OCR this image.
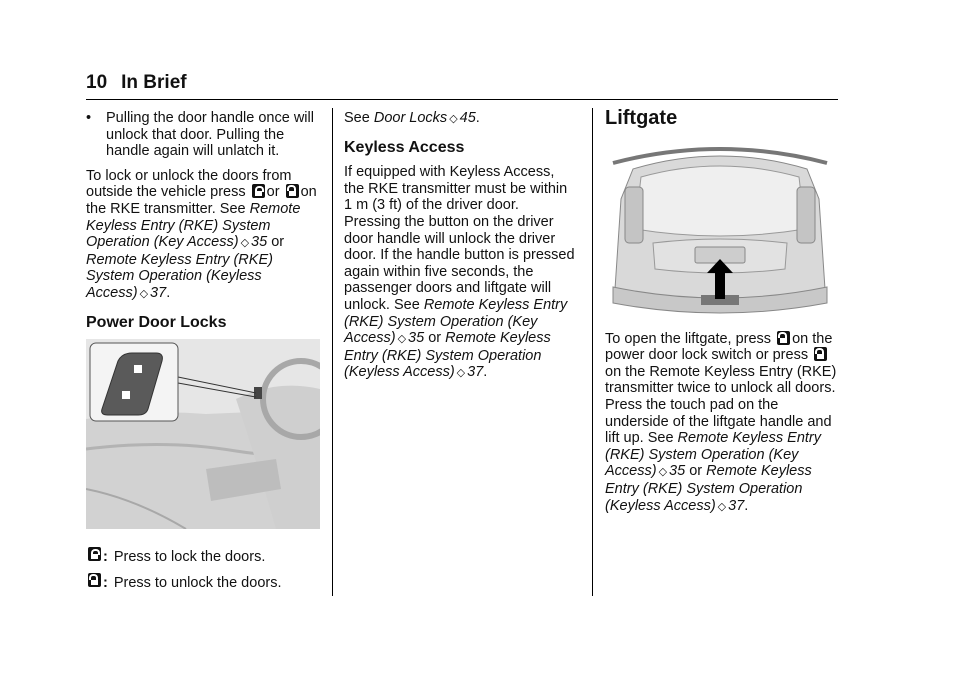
10 In Brief
•	Pulling the door handle once will unlock that door. Pulling the handle again will unlatch it.

To lock or unlock the doors from outside the vehicle press or on the RKE transmitter. See Remote Keyless Entry (RKE) System Operation (Key Access) ◇ 35 or Remote Keyless Entry (RKE) System Operation (Keyless Access) ◇ 37.

Power Door Locks
: Press to lock the doors.
: Press to unlock the doors.

See Door Locks ◇ 45.

Keyless Access

If equipped with Keyless Access, the RKE transmitter must be within 1 m (3 ft) of the driver door. Pressing the button on the driver door handle will unlock the driver door. If the handle button is pressed again within five seconds, the passenger doors and liftgate will unlock. See Remote Keyless Entry (RKE) System Operation (Key Access) ◇ 35 or Remote Keyless Entry (RKE) System Operation (Keyless Access) ◇ 37.

Liftgate

To open the liftgate, press on the power door lock switch or press  on the Remote Keyless Entry (RKE) transmitter twice to unlock all doors. Press the touch pad on the underside of the liftgate handle and lift up. See Remote Keyless Entry (RKE) System Operation (Key Access) ◇ 35 or Remote Keyless Entry (RKE) System Operation (Keyless Access) ◇ 37.
